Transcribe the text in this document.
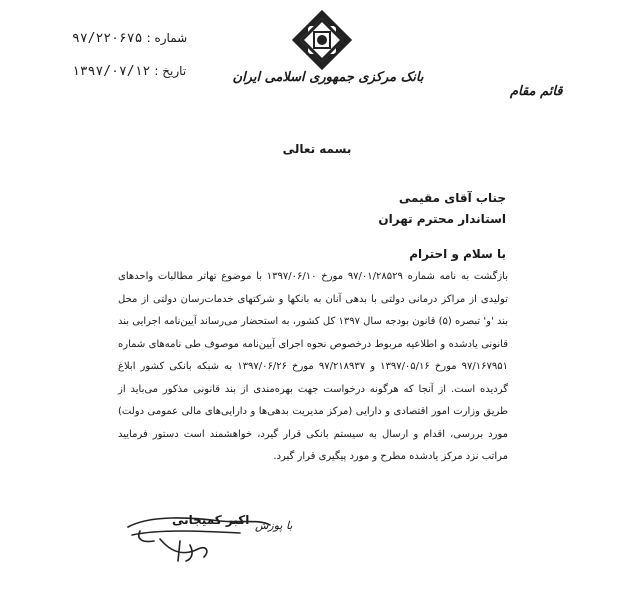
شماره : ۹۷/۲۲۰۶۷۵
تاریخ : ۱۳۹۷/۰۷/۱۲	بانک مرکزی جمهوری اسلامی ایران
قائم مقام
بسمه تعالی
جناب آقای مقیمی
استاندار محترم تهران
با سلام و احترام

بازگشت به نامه شماره ۹۷/۰۱/۲۸۵۲۹ مورخ ۱۳۹۷/۰۶/۱۰ با موضوع تهاتر مطالبات واحدهای تولیدی از مراکز درمانی دولتی با بدهی آنان به بانکها و شرکتهای خدمات‌رسان دولتی از محل بند 'و' تبصره (۵) قانون بودجه سال ۱۳۹۷ کل کشور، به استحضار می‌رساند آیین‌نامه اجرایی بند قانونی یادشده و اطلاعیه مربوط درخصوص نحوه اجرای آیین‌نامه موصوف طی نامه‌های شماره ۹۷/۱۶۷۹۵۱ مورخ ۱۳۹۷/۰۵/۱۶ و ۹۷/۲۱۸۹۳۷ مورخ ۱۳۹۷/۰۶/۲۶ به شبکه بانکی کشور ابلاغ گردیده است. از آنجا که هرگونه درخواست جهت بهره‌مندی از بند قانونی مذکور می‌باید از طریق وزارت امور اقتصادی و دارایی (مرکز مدیریت بدهی‌ها و دارایی‌های مالی عمومی دولت) مورد بررسی، اقدام و ارسال به سیستم بانکی قرار گیرد، خواهشمند است دستور فرمایید مراتب نزد مرکز یادشده مطرح و مورد پیگیری قرار گیرد.

با پوزش
اکبر کمیجانی
